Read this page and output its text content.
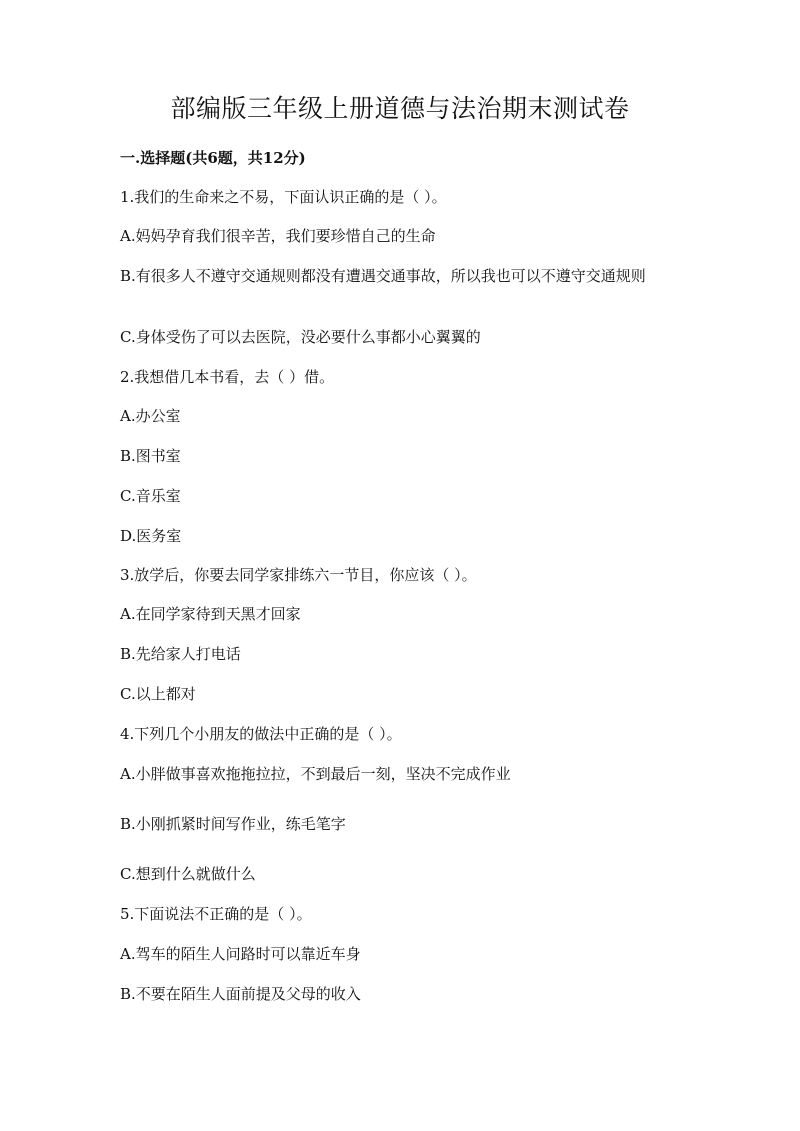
部编版三年级上册道德与法治期末测试卷
一.选择题(共6题，共12分)
1.我们的生命来之不易，下面认识正确的是（ ）。
A.妈妈孕育我们很辛苦，我们要珍惜自己的生命
B.有很多人不遵守交通规则都没有遭遇交通事故，所以我也可以不遵守交通规则
C.身体受伤了可以去医院，没必要什么事都小心翼翼的
2.我想借几本书看，去（ ）借。
A.办公室
B.图书室
C.音乐室
D.医务室
3.放学后，你要去同学家排练六一节目，你应该（ ）。
A.在同学家待到天黑才回家
B.先给家人打电话
C.以上都对
4.下列几个小朋友的做法中正确的是（ ）。
A.小胖做事喜欢拖拖拉拉，不到最后一刻，坚决不完成作业
B.小刚抓紧时间写作业，练毛笔字
C.想到什么就做什么
5.下面说法不正确的是（ ）。
A.驾车的陌生人问路时可以靠近车身
B.不要在陌生人面前提及父母的收入
